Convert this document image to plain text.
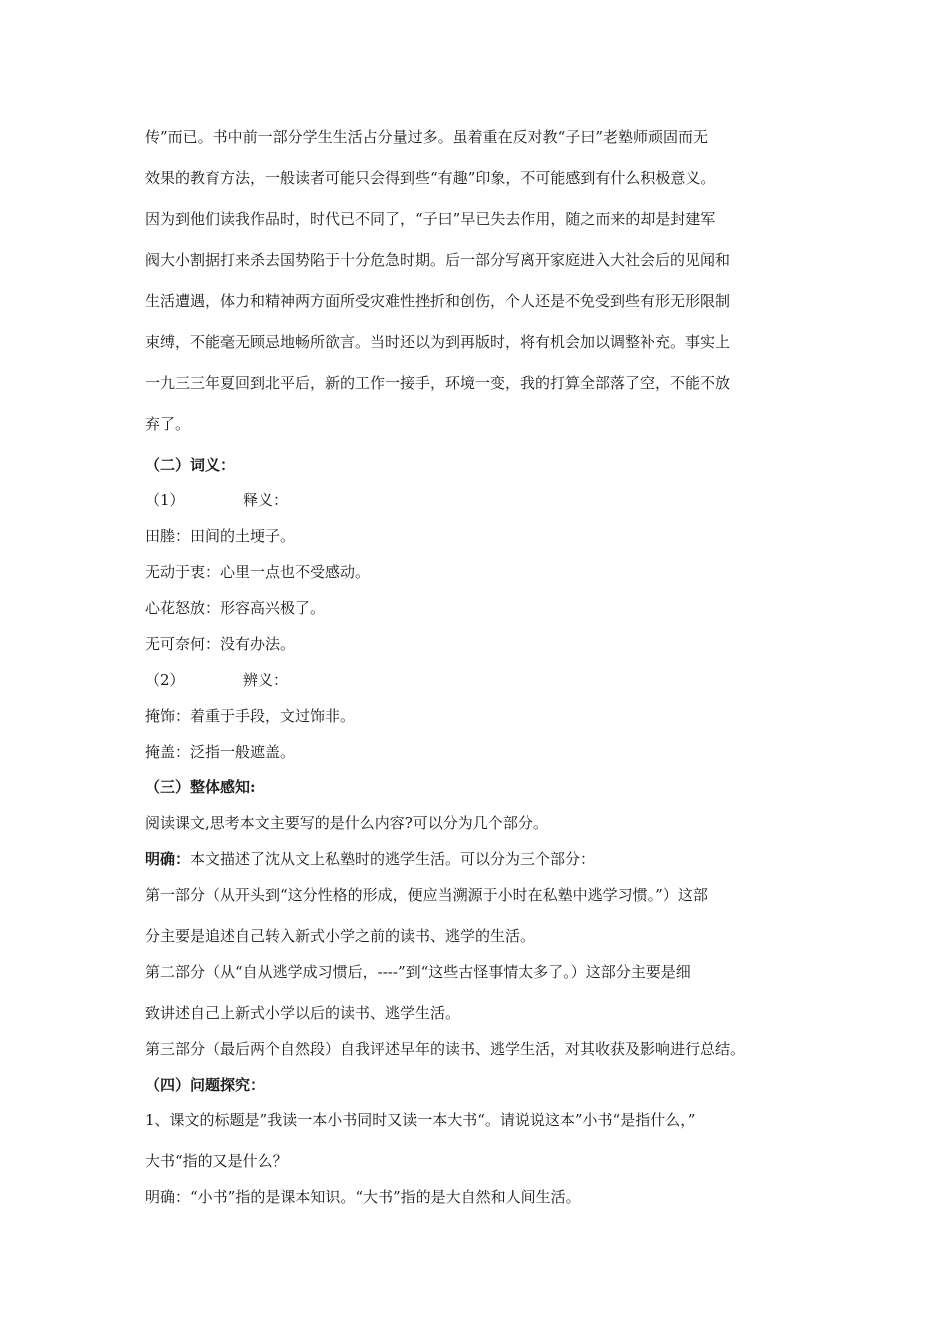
传”而已。书中前一部分学生生活占分量过多。虽着重在反对教“子曰”老塾师顽固而无
效果的教育方法，一般读者可能只会得到些“有趣”印象，不可能感到有什么积极意义。
因为到他们读我作品时，时代已不同了，“子曰”早已失去作用，随之而来的却是封建军
阀大小割据打来杀去国势陷于十分危急时期。后一部分写离开家庭进入大社会后的见闻和
生活遭遇，体力和精神两方面所受灾难性挫折和创伤，个人还是不免受到些有形无形限制
束缚，不能毫无顾忌地畅所欲言。当时还以为到再版时，将有机会加以调整补充。事实上
一九三三年夏回到北平后，新的工作一接手，环境一变，我的打算全部落了空，不能不放
弃了。
（二）词义：
（1）	释义：
田塍：田间的土埂子。
无动于衷：心里一点也不受感动。
心花怒放：形容高兴极了。
无可奈何：没有办法。
（2）	辨义：
掩饰：着重于手段，文过饰非。
掩盖：泛指一般遮盖。
（三）整体感知:
阅读课文,思考本文主要写的是什么内容?可以分为几个部分。
明确：本文描述了沈从文上私塾时的逃学生活。可以分为三个部分：
第一部分（从开头到“这分性格的形成，便应当溯源于小时在私塾中逃学习惯。”）这部
分主要是追述自己转入新式小学之前的读书、逃学的生活。
第二部分（从“自从逃学成习惯后，----”到“这些古怪事情太多了。）这部分主要是细
致讲述自己上新式小学以后的读书、逃学生活。
第三部分（最后两个自然段）自我评述早年的读书、逃学生活，对其收获及影响进行总结。
（四）问题探究：
1、课文的标题是”我读一本小书同时又读一本大书“。请说说这本”小书“是指什么，”
大书“指的又是什么？
明确：“小书”指的是课本知识。“大书”指的是大自然和人间生活。
